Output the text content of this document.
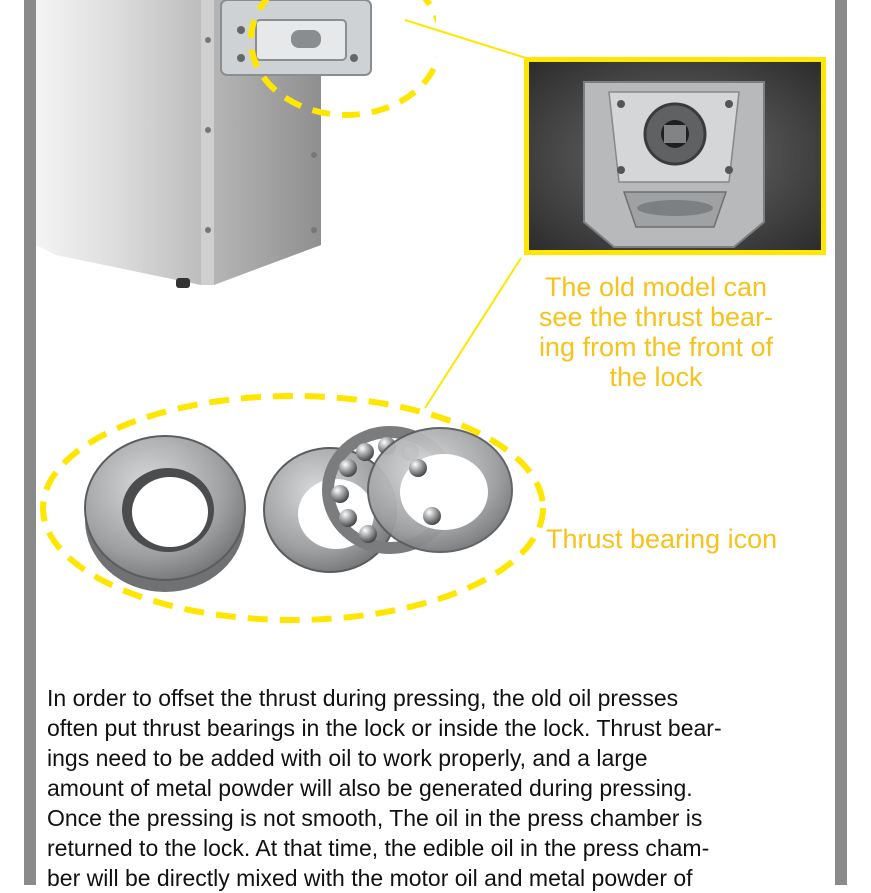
The old model can
see the thrust bear-
ing from the front of
the lock
Thrust bearing icon
In order to offset the thrust during pressing, the old oil presses
often put thrust bearings in the lock or inside the lock. Thrust bear-
ings need to be added with oil to work properly, and a large
amount of metal powder will also be generated during pressing.
Once the pressing is not smooth, The oil in the press chamber is
returned to the lock. At that time, the edible oil in the press cham-
ber will be directly mixed with the motor oil and metal powder of
